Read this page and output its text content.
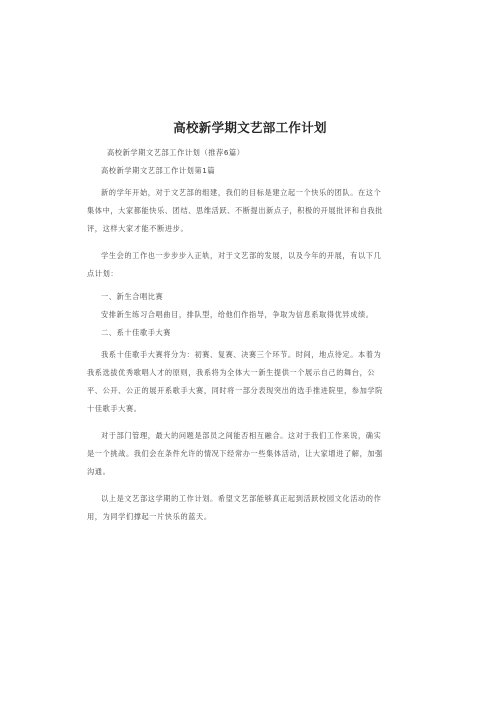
高校新学期文艺部工作计划
高校新学期文艺部工作计划（推荐6篇）
高校新学期文艺部工作计划第1篇
新的学年开始，对于文艺部的组建，我们的目标是建立起一个快乐的团队。在这个
集体中，大家都能快乐、团结、思维活跃、不断提出新点子，积极的开展批评和自我批
评，这样大家才能不断进步。
学生会的工作也一步步步入正轨，对于文艺部的发展，以及今年的开展，有以下几
点计划：
一、新生合唱比赛
安排新生练习合唱曲目，排队型，给他们作指导，争取为信息系取得优异成绩。
二、系十佳歌手大赛
我系十佳歌手大赛将分为：初赛、复赛、决赛三个环节。时间，地点待定。本着为
我系选拔优秀歌唱人才的原则，我系将为全体大一新生提供一个展示自己的舞台，公
平、公开、公正的展开系歌手大赛，同时将一部分表现突出的选手推进院里，参加学院
十佳歌手大赛。
对于部门管理，最大的问题是部员之间能否相互融合。这对于我们工作来说，确实
是一个挑战。我们会在条件允许的情况下经常办一些集体活动，让大家增进了解，加强
沟通。
以上是文艺部这学期的工作计划。希望文艺部能够真正起到活跃校园文化活动的作
用，为同学们撑起一片快乐的蓝天。
